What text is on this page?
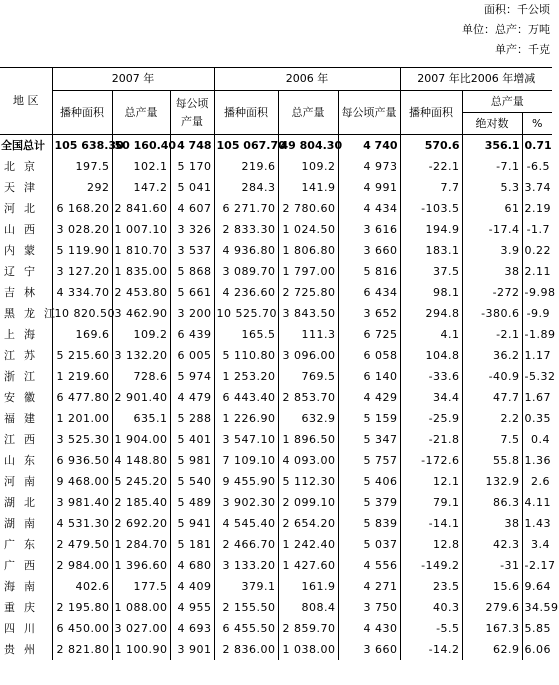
面积：千公顷
单位：总产：万吨
单产：千克
地 区	2007 年			2006 年			2007 年比2006 年增减		
	播种面积	总产量	每公顷产量	播种面积	总产量	每公顷产量	播种面积	总产量	
								绝对数	%
全国总计	105 638.30	50 160.40	4 748	105 067.70	49 804.30	4 740	570.6	356.1	0.71
北京	197.5	102.1	5 170	219.6	109.2	4 973	-22.1	-7.1	-6.5
天津	292	147.2	5 041	284.3	141.9	4 991	7.7	5.3	3.74
河北	6 168.20	2 841.60	4 607	6 271.70	2 780.60	4 434	-103.5	61	2.19
山西	3 028.20	1 007.10	3 326	2 833.30	1 024.50	3 616	194.9	-17.4	-1.7
内蒙	5 119.90	1 810.70	3 537	4 936.80	1 806.80	3 660	183.1	3.9	0.22
辽宁	3 127.20	1 835.00	5 868	3 089.70	1 797.00	5 816	37.5	38	2.11
吉林	4 334.70	2 453.80	5 661	4 236.60	2 725.80	6 434	98.1	-272	-9.98
黑龙江	10 820.50	3 462.90	3 200	10 525.70	3 843.50	3 652	294.8	-380.6	-9.9
上海	169.6	109.2	6 439	165.5	111.3	6 725	4.1	-2.1	-1.89
江苏	5 215.60	3 132.20	6 005	5 110.80	3 096.00	6 058	104.8	36.2	1.17
浙江	1 219.60	728.6	5 974	1 253.20	769.5	6 140	-33.6	-40.9	-5.32
安徽	6 477.80	2 901.40	4 479	6 443.40	2 853.70	4 429	34.4	47.7	1.67
福建	1 201.00	635.1	5 288	1 226.90	632.9	5 159	-25.9	2.2	0.35
江西	3 525.30	1 904.00	5 401	3 547.10	1 896.50	5 347	-21.8	7.5	0.4
山东	6 936.50	4 148.80	5 981	7 109.10	4 093.00	5 757	-172.6	55.8	1.36
河南	9 468.00	5 245.20	5 540	9 455.90	5 112.30	5 406	12.1	132.9	2.6
湖北	3 981.40	2 185.40	5 489	3 902.30	2 099.10	5 379	79.1	86.3	4.11
湖南	4 531.30	2 692.20	5 941	4 545.40	2 654.20	5 839	-14.1	38	1.43
广东	2 479.50	1 284.70	5 181	2 466.70	1 242.40	5 037	12.8	42.3	3.4
广西	2 984.00	1 396.60	4 680	3 133.20	1 427.60	4 556	-149.2	-31	-2.17
海南	402.6	177.5	4 409	379.1	161.9	4 271	23.5	15.6	9.64
重庆	2 195.80	1 088.00	4 955	2 155.50	808.4	3 750	40.3	279.6	34.59
四川	6 450.00	3 027.00	4 693	6 455.50	2 859.70	4 430	-5.5	167.3	5.85
贵州	2 821.80	1 100.90	3 901	2 836.00	1 038.00	3 660	-14.2	62.9	6.06
